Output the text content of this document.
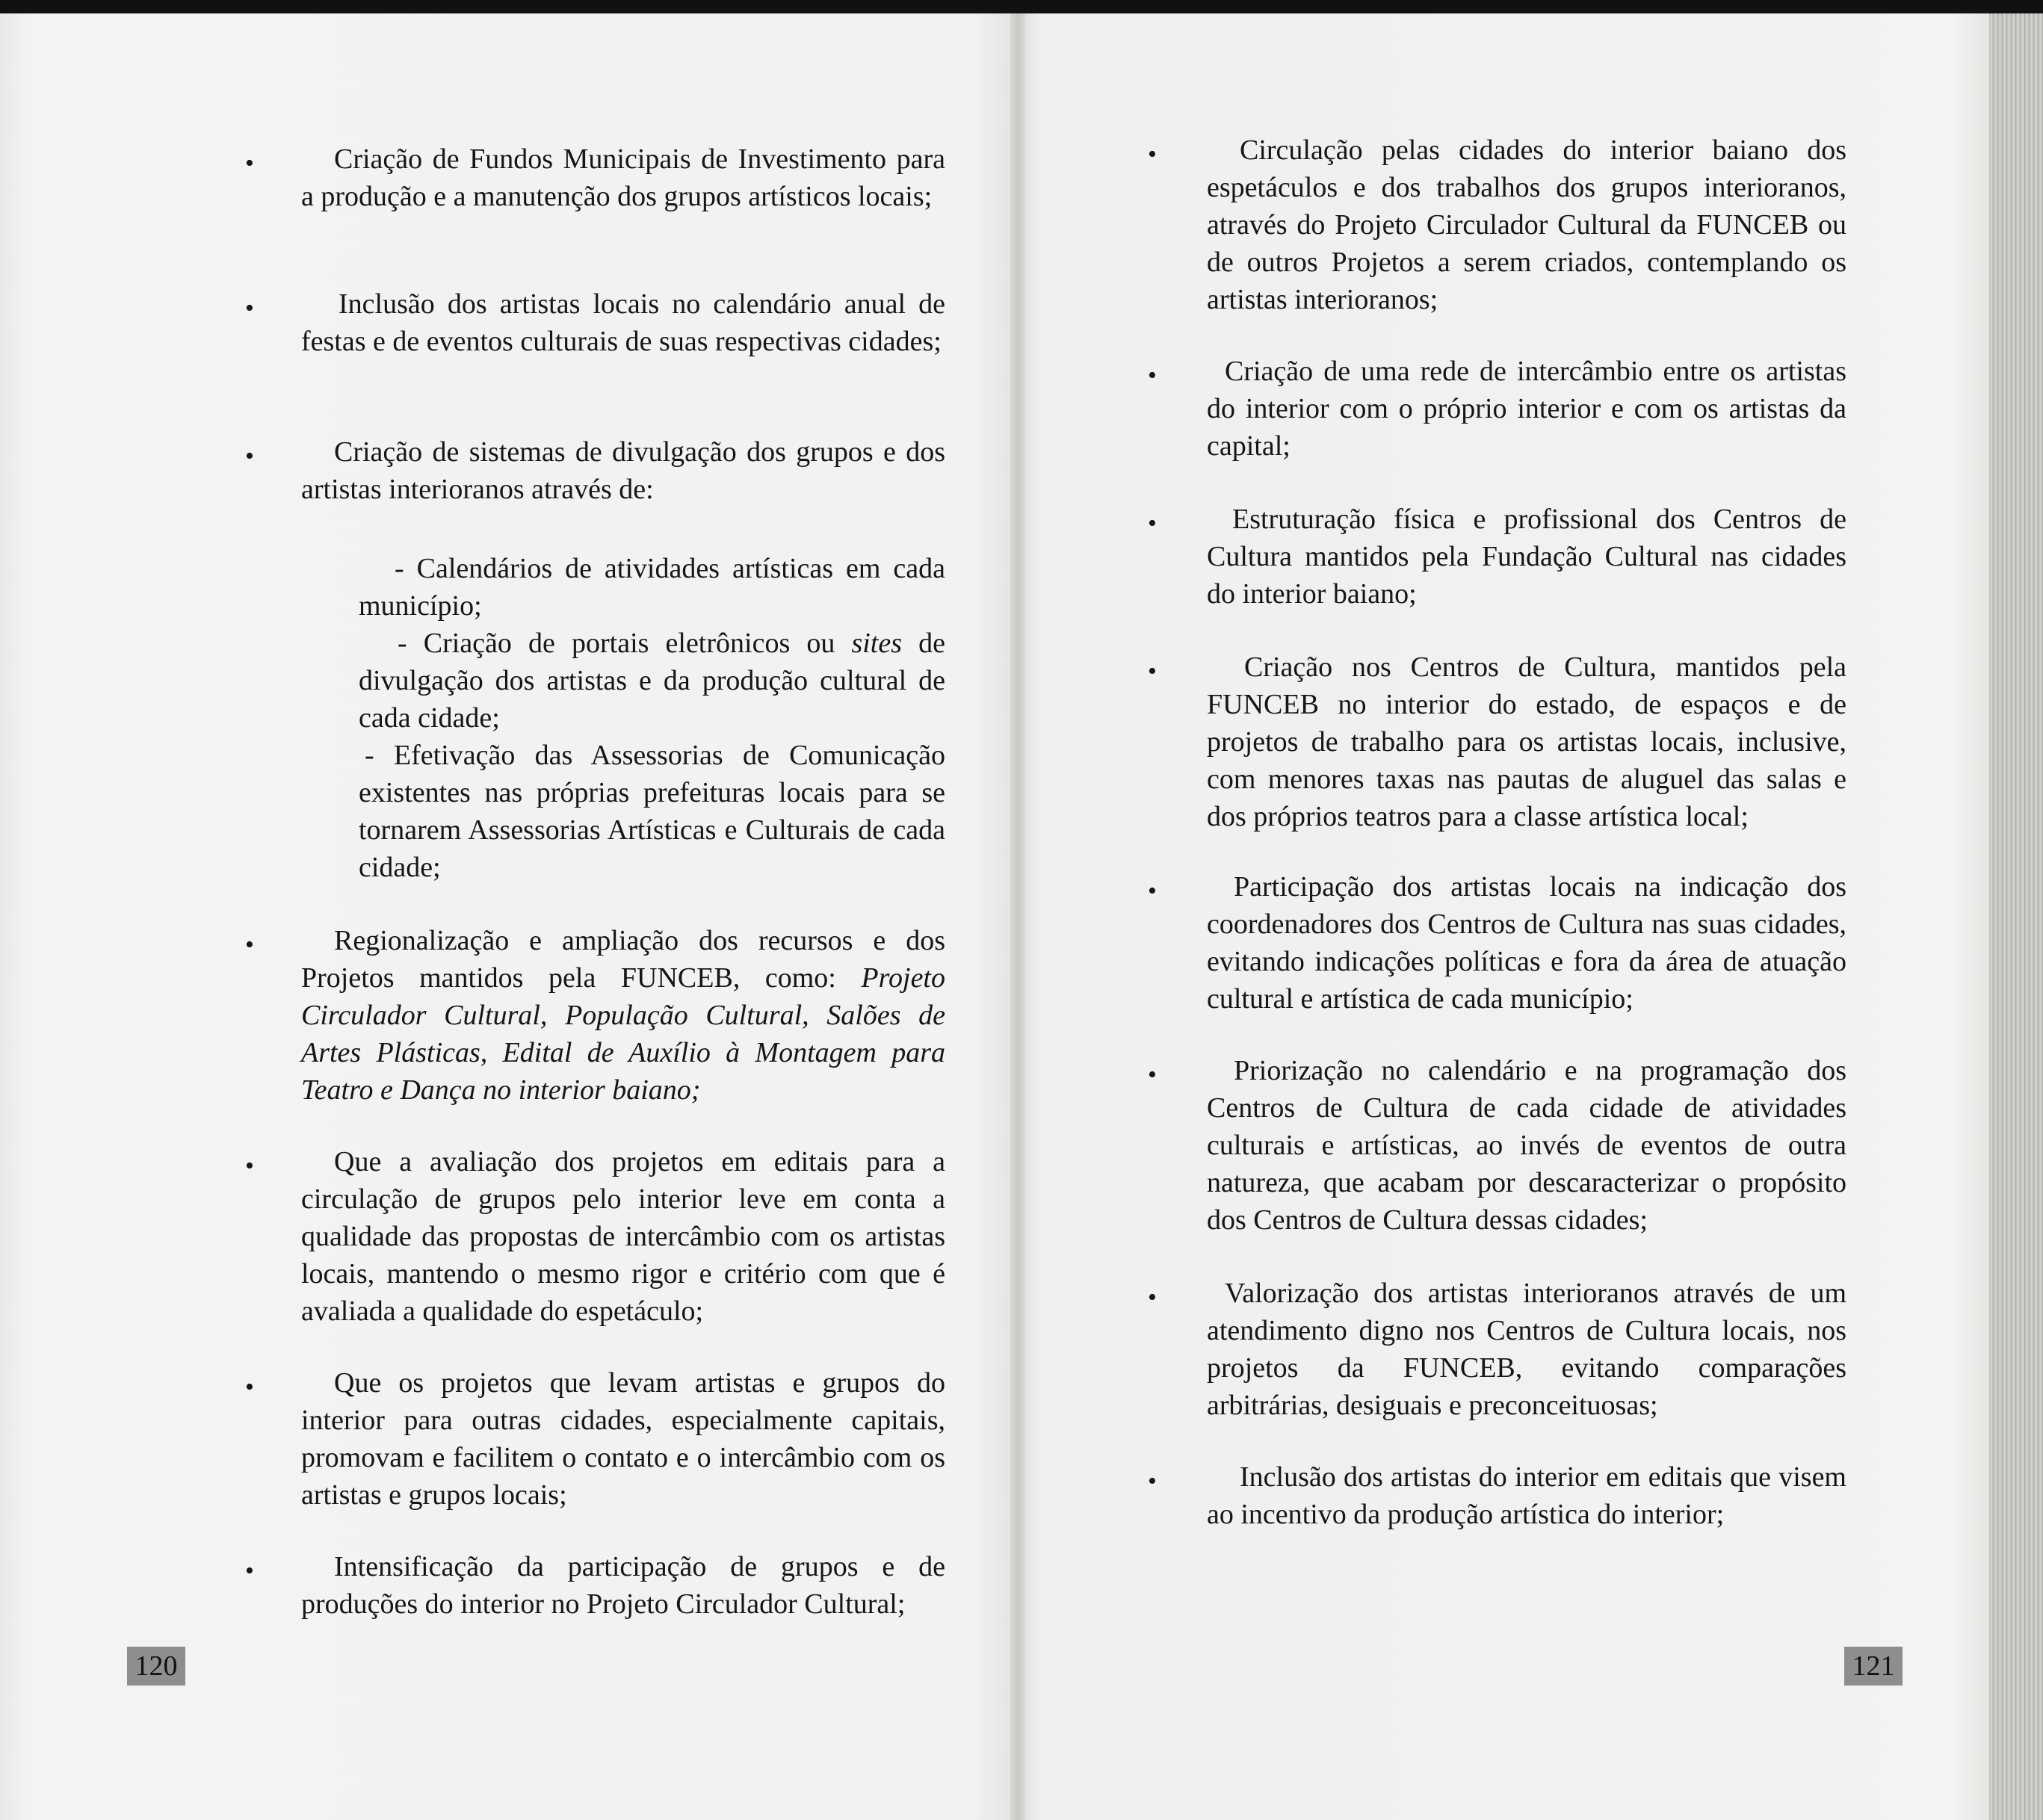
•	Criação de Fundos Municipais de Investimento para a produção e a manutenção dos grupos artísticos locais;

•	Inclusão dos artistas locais no calendário anual de festas e de eventos culturais de suas respectivas cidades;

•	Criação de sistemas de divulgação dos grupos e dos artistas interioranos através de:

- Calendários de atividades artísticas em cada município;

- Criação de portais eletrônicos ou sites de divulgação dos artistas e da produção cultural de cada cidade;

- Efetivação das Assessorias de Comunicação existentes nas próprias prefeituras locais para se tornarem Assessorias Artísticas e Culturais de cada cidade;

•	Regionalização e ampliação dos recursos e dos Projetos mantidos pela FUNCEB, como: Projeto Circulador Cultural, População Cultural, Salões de Artes Plásticas, Edital de Auxílio à Montagem para Teatro e Dança no interior baiano;

•	Que a avaliação dos projetos em editais para a circulação de grupos pelo interior leve em conta a qualidade das propostas de intercâmbio com os artistas locais, mantendo o mesmo rigor e critério com que é avaliada a qualidade do espetáculo;

•	Que os projetos que levam artistas e grupos do interior para outras cidades, especialmente capitais, promovam e facilitem o contato e o intercâmbio com os artistas e grupos locais;

•	Intensificação da participação de grupos e de produções do interior no Projeto Circulador Cultural;

120
•	Circulação pelas cidades do interior baiano dos espetáculos e dos trabalhos dos grupos interioranos, através do Projeto Circulador Cultural da FUNCEB ou de outros Projetos a serem criados, contemplando os artistas interioranos;

•	Criação de uma rede de intercâmbio entre os artistas do interior com o próprio interior e com os artistas da capital;

•	Estruturação física e profissional dos Centros de Cultura mantidos pela Fundação Cultural nas cidades do interior baiano;

•	Criação nos Centros de Cultura, mantidos pela FUNCEB no interior do estado, de espaços e de projetos de trabalho para os artistas locais, inclusive, com menores taxas nas pautas de aluguel das salas e dos próprios teatros para a classe artística local;

•	Participação dos artistas locais na indicação dos coordenadores dos Centros de Cultura nas suas cidades, evitando indicações políticas e fora da área de atuação cultural e artística de cada município;

•	Priorização no calendário e na programação dos Centros de Cultura de cada cidade de atividades culturais e artísticas, ao invés de eventos de outra natureza, que acabam por descaracterizar o propósito dos Centros de Cultura dessas cidades;

•	Valorização dos artistas interioranos através de um atendimento digno nos Centros de Cultura locais, nos projetos da FUNCEB, evitando comparações arbitrárias, desiguais e preconceituosas;

•	Inclusão dos artistas do interior em editais que visem ao incentivo da produção artística do interior;

121
